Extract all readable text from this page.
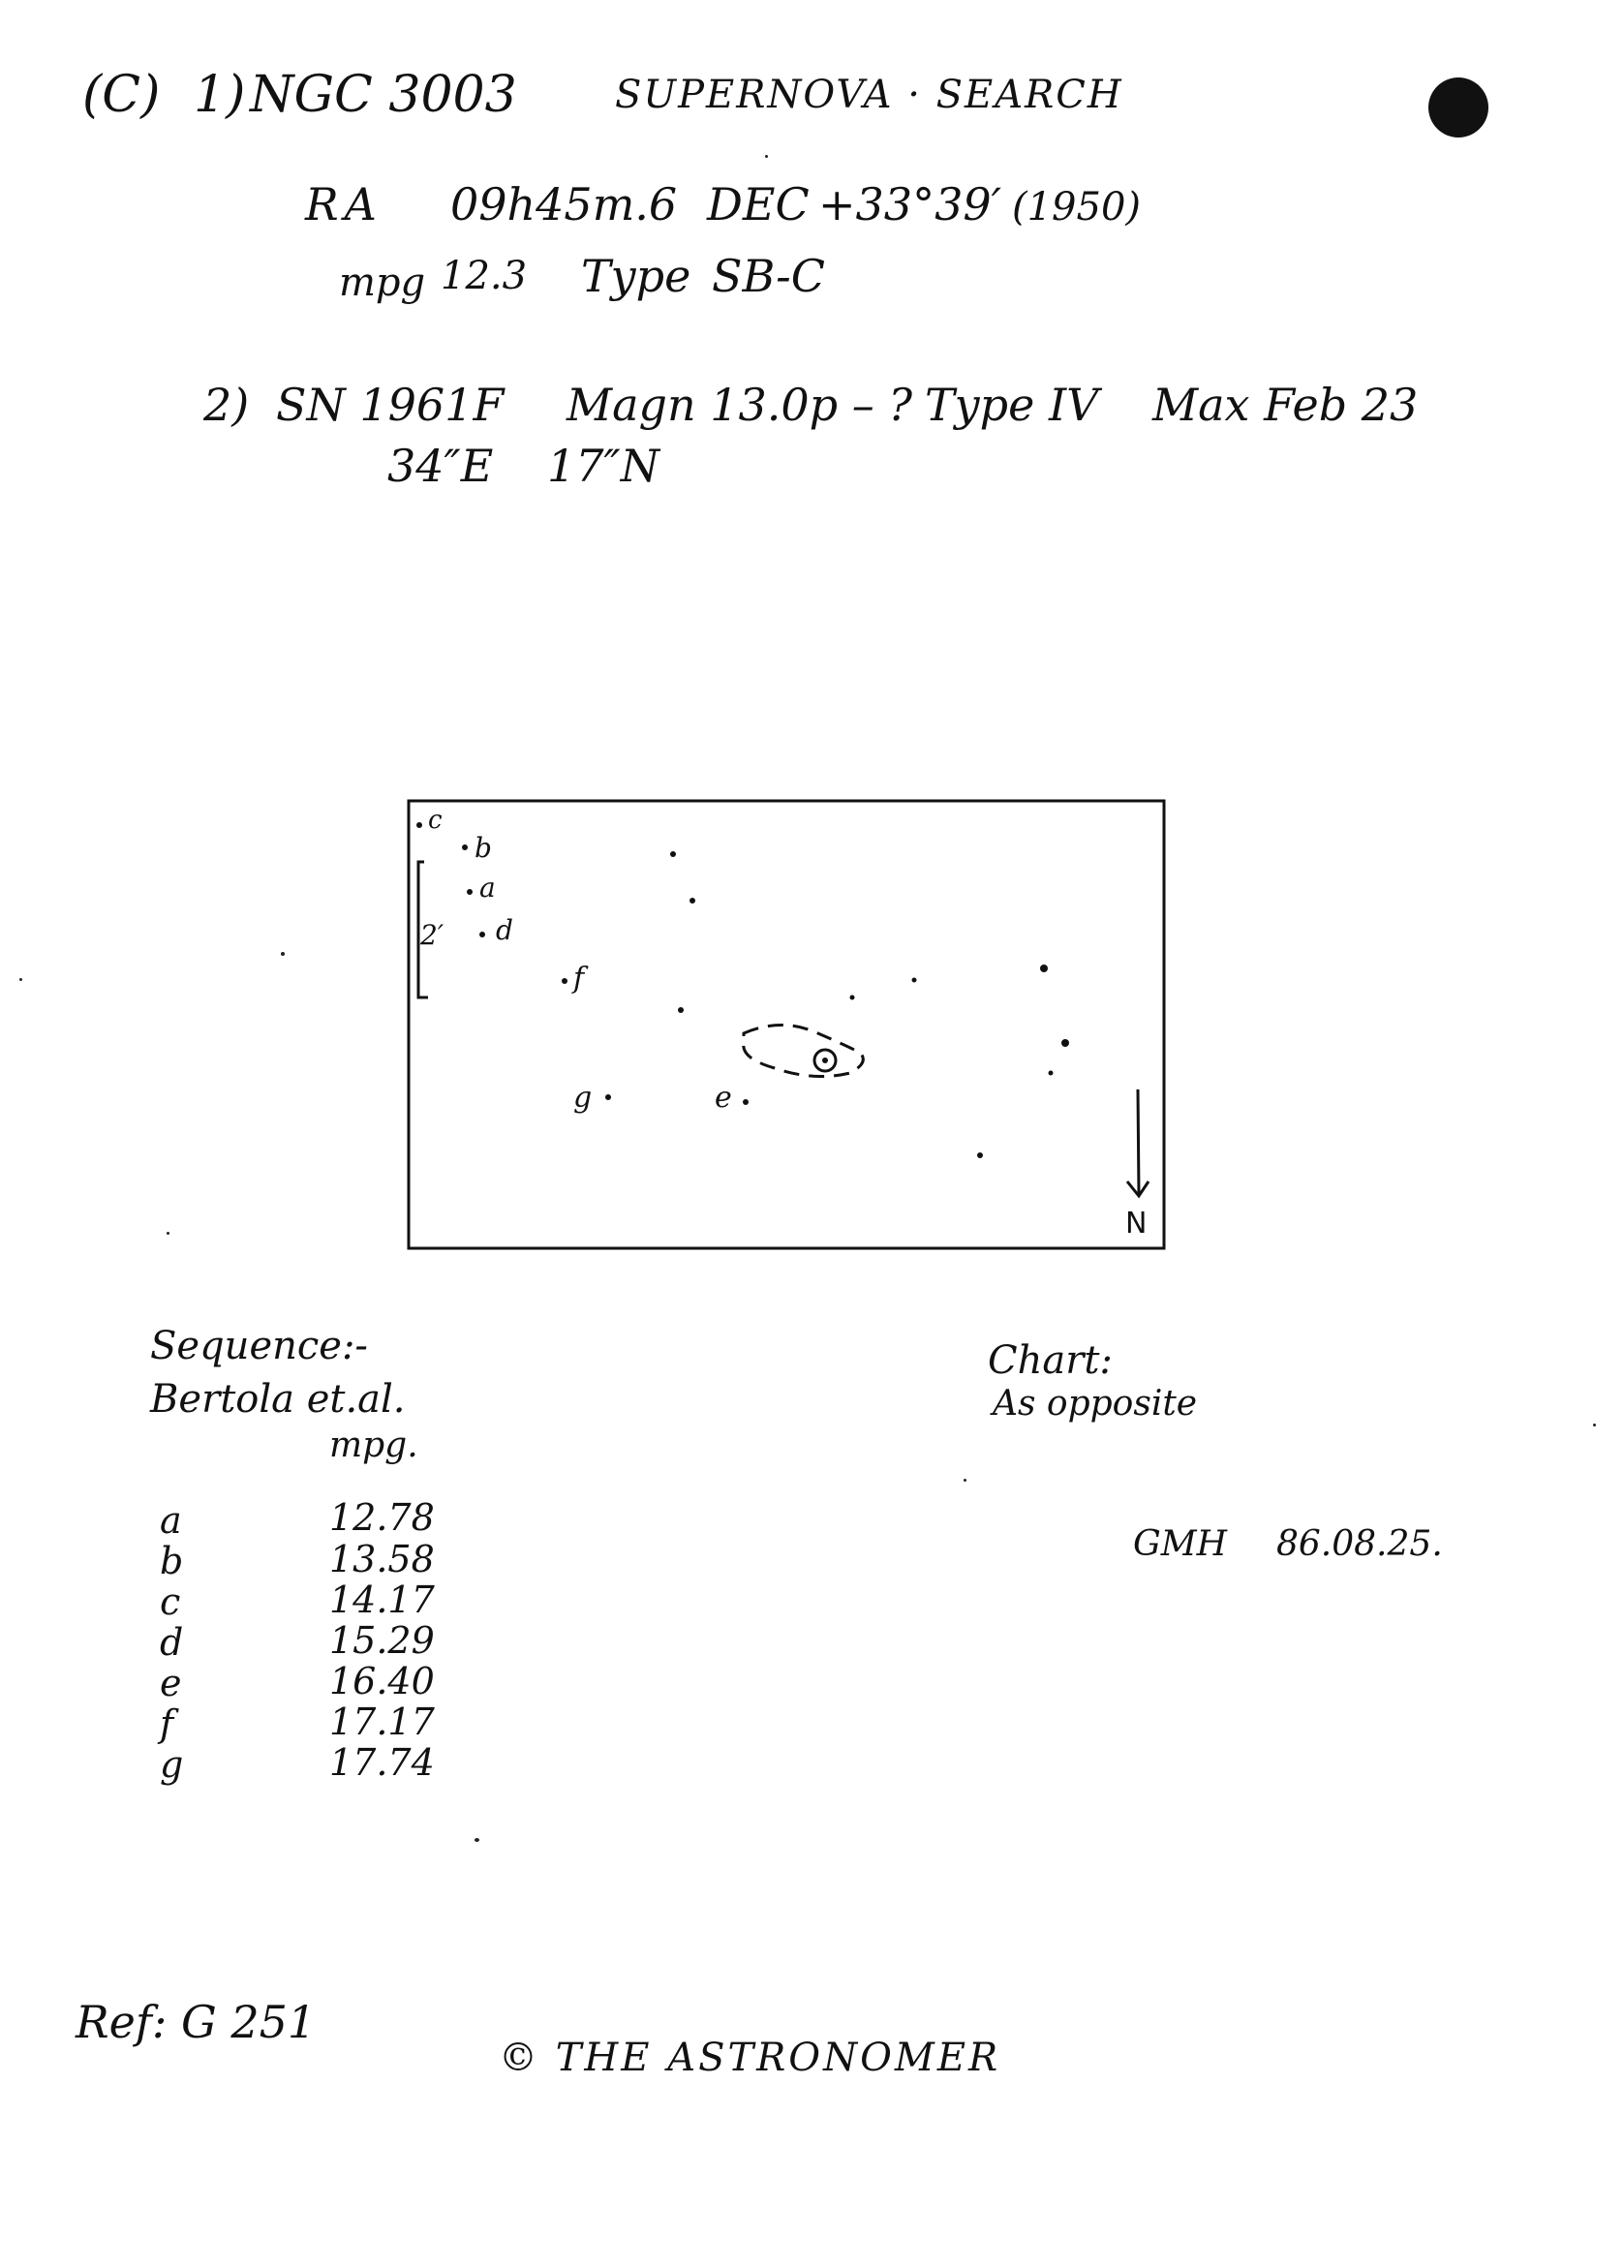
(C) 1) NGC 3003	SUPERNOVA · SEARCH
RA 09h45m.6 DEC +33°39′ (1950)
mpg 12.3 Type SB-C
2) SN 1961F Magn 13.0p – ? Type IV Max Feb 23
34″E 17″N
2′
c
b
a
d
f
g	e
N
Sequence:-
Bertola et.al.
mpg.
a	12.78
b	13.58
c	14.17
d	15.29
e	16.40
f	17.17
g	17.74
Chart:
As opposite
GMH 86.08.25.
Ref: G 251
© THE ASTRONOMER
